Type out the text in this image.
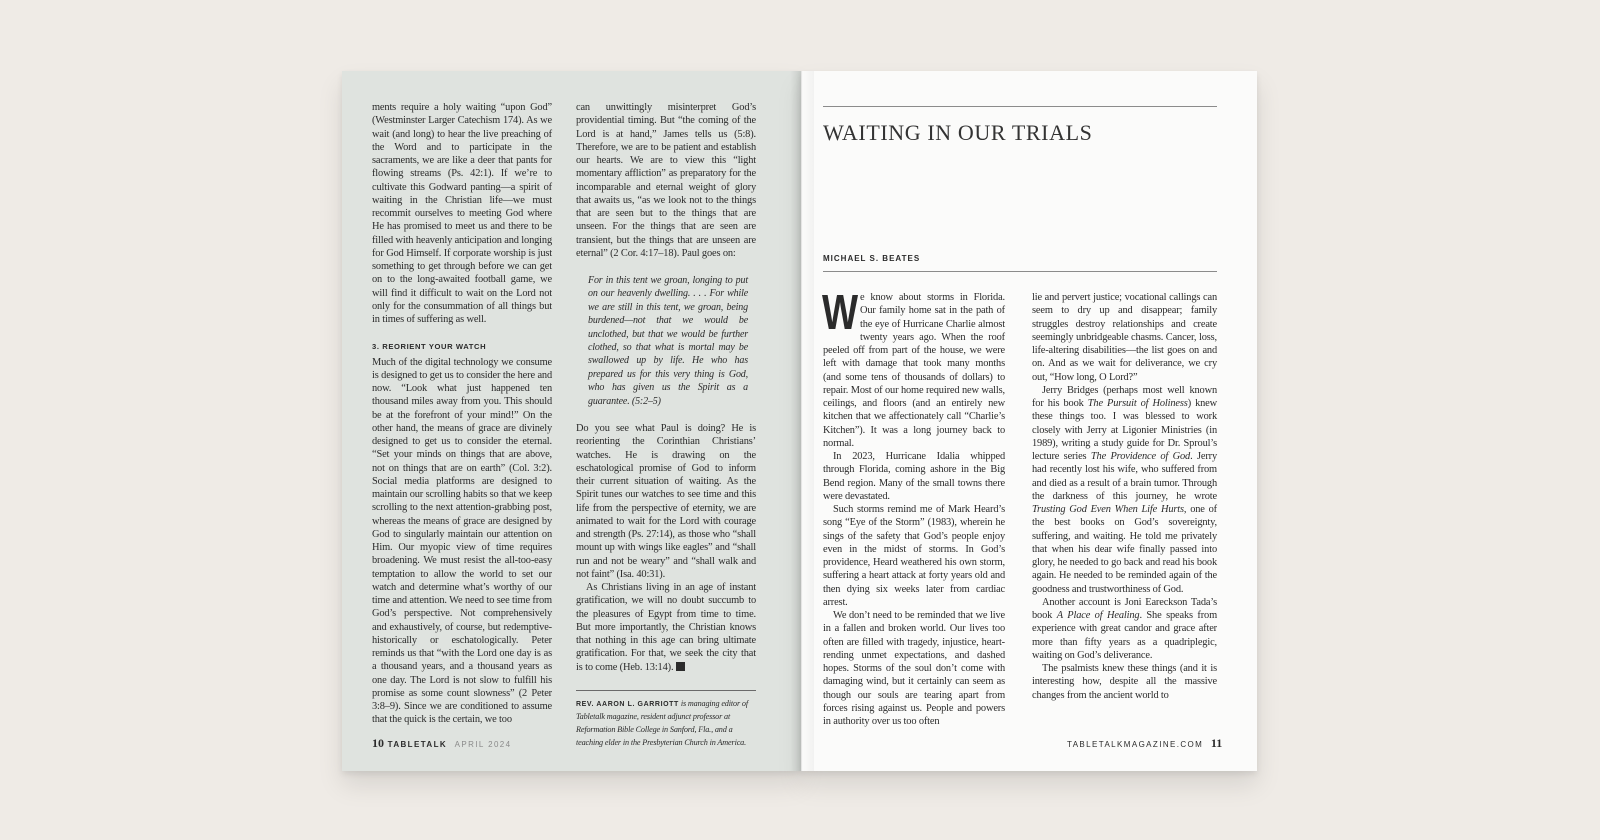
ments require a holy waiting “upon God” (Westminster Larger Catechism 174). As we wait (and long) to hear the live preaching of the Word and to participate in the sacraments, we are like a deer that pants for flowing streams (Ps. 42:1). If we’re to cultivate this Godward panting—a spirit of waiting in the Christian life—we must recommit ourselves to meeting God where He has promised to meet us and there to be filled with heavenly anticipation and longing for God Himself. If corporate worship is just something to get through before we can get on to the long-awaited football game, we will find it difficult to wait on the Lord not only for the consummation of all things but in times of suffering as well.

3. REORIENT YOUR WATCH

Much of the digital technology we consume is designed to get us to consider the here and now. “Look what just happened ten thousand miles away from you. This should be at the forefront of your mind!” On the other hand, the means of grace are divinely designed to get us to consider the eternal. “Set your minds on things that are above, not on things that are on earth” (Col. 3:2). Social media platforms are designed to maintain our scrolling habits so that we keep scrolling to the next attention-grabbing post, whereas the means of grace are designed by God to singularly maintain our attention on Him. Our myopic view of time requires broadening. We must resist the all-too-easy temptation to allow the world to set our watch and determine what’s worthy of our time and attention. We need to see time from God’s perspective. Not comprehensively and exhaustively, of course, but redemptive-historically or eschatologically. Peter reminds us that “with the Lord one day is as a thousand years, and a thousand years as one day. The Lord is not slow to fulfill his promise as some count slowness” (2 Peter 3:8–9). Since we are conditioned to assume that the quick is the certain, we too

can unwittingly misinterpret God’s providential timing. But “the coming of the Lord is at hand,” James tells us (5:8). Therefore, we are to be patient and establish our hearts. We are to view this “light momentary affliction” as preparatory for the incomparable and eternal weight of glory that awaits us, “as we look not to the things that are seen but to the things that are unseen. For the things that are seen are transient, but the things that are unseen are eternal” (2 Cor. 4:17–18). Paul goes on:

For in this tent we groan, longing to put on our heavenly dwelling. . . . For while we are still in this tent, we groan, being burdened—not that we would be unclothed, but that we would be further clothed, so that what is mortal may be swallowed up by life. He who has prepared us for this very thing is God, who has given us the Spirit as a guarantee. (5:2–5)

Do you see what Paul is doing? He is reorienting the Corinthian Christians’ watches. He is drawing on the eschatological promise of God to inform their current situation of waiting. As the Spirit tunes our watches to see time and this life from the perspective of eternity, we are animated to wait for the Lord with courage and strength (Ps. 27:14), as those who “shall mount up with wings like eagles” and “shall run and not be weary” and “shall walk and not faint” (Isa. 40:31).

As Christians living in an age of instant gratification, we will no doubt succumb to the pleasures of Egypt from time to time. But more importantly, the Christian knows that nothing in this age can bring ultimate gratification. For that, we seek the city that is to come (Heb. 13:14).

REV. AARON L. GARRIOTT is managing editor of Tabletalk magazine, resident adjunct professor at Reformation Bible College in Sanford, Fla., and a teaching elder in the Presbyterian Church in America.
10 TABLETALK APRIL 2024
WAITING IN OUR TRIALS
MICHAEL S. BEATES

We know about storms in Florida. Our family home sat in the path of the eye of Hurricane Charlie almost twenty years ago. When the roof peeled off from part of the house, we were left with damage that took many months (and some tens of thousands of dollars) to repair. Most of our home required new walls, ceilings, and floors (and an entirely new kitchen that we affectionately call “Charlie’s Kitchen”). It was a long journey back to normal.

In 2023, Hurricane Idalia whipped through Florida, coming ashore in the Big Bend region. Many of the small towns there were devastated.

Such storms remind me of Mark Heard’s song “Eye of the Storm” (1983), wherein he sings of the safety that God’s people enjoy even in the midst of storms. In God’s providence, Heard weathered his own storm, suffering a heart attack at forty years old and then dying six weeks later from cardiac arrest.

We don’t need to be reminded that we live in a fallen and broken world. Our lives too often are filled with tragedy, injustice, heart-rending unmet expectations, and dashed hopes. Storms of the soul don’t come with damaging wind, but it certainly can seem as though our souls are tearing apart from forces rising against us. People and powers in authority over us too often

lie and pervert justice; vocational callings can seem to dry up and disappear; family struggles destroy relationships and create seemingly unbridgeable chasms. Cancer, loss, life-altering disabilities—the list goes on and on. And as we wait for deliverance, we cry out, “How long, O Lord?”

Jerry Bridges (perhaps most well known for his book The Pursuit of Holiness) knew these things too. I was blessed to work closely with Jerry at Ligonier Ministries (in 1989), writing a study guide for Dr. Sproul’s lecture series The Providence of God. Jerry had recently lost his wife, who suffered from and died as a result of a brain tumor. Through the darkness of this journey, he wrote Trusting God Even When Life Hurts, one of the best books on God’s sovereignty, suffering, and waiting. He told me privately that when his dear wife finally passed into glory, he needed to go back and read his book again. He needed to be reminded again of the goodness and trustworthiness of God.

Another account is Joni Eareckson Tada’s book A Place of Healing. She speaks from experience with great candor and grace after more than fifty years as a quadriplegic, waiting on God’s deliverance.

The psalmists knew these things (and it is interesting how, despite all the massive changes from the ancient world to

TABLETALKMAGAZINE.COM 11
